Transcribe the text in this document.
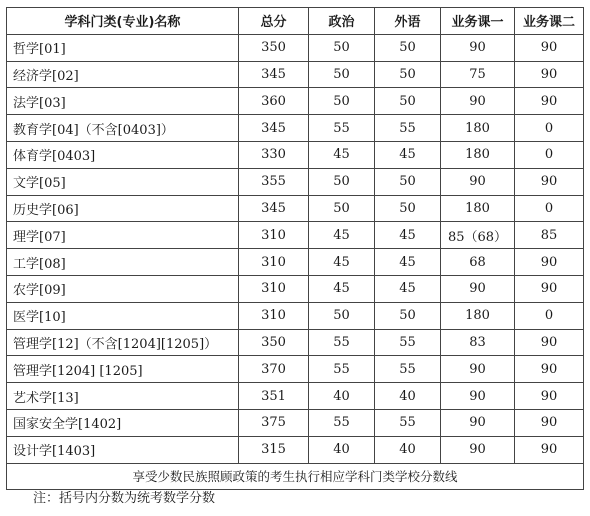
学科门类(专业)名称	总分	政治	外语	业务课一	业务课二
哲学[01]	350	50	50	90	90
经济学[02]	345	50	50	75	90
法学[03]	360	50	50	90	90
教育学[04]（不含[0403]）	345	55	55	180	0
体育学[0403]	330	45	45	180	0
文学[05]	355	50	50	90	90
历史学[06]	345	50	50	180	0
理学[07]	310	45	45	85（68）	85
工学[08]	310	45	45	68	90
农学[09]	310	45	45	90	90
医学[10]	310	50	50	180	0
管理学[12]（不含[1204][1205]）	350	55	55	83	90
管理学[1204] [1205]	370	55	55	90	90
艺术学[13]	351	40	40	90	90
国家安全学[1402]	375	55	55	90	90
设计学[1403]	315	40	40	90	90
享受少数民族照顾政策的考生执行相应学科门类学校分数线					
注：括号内分数为统考数学分数
